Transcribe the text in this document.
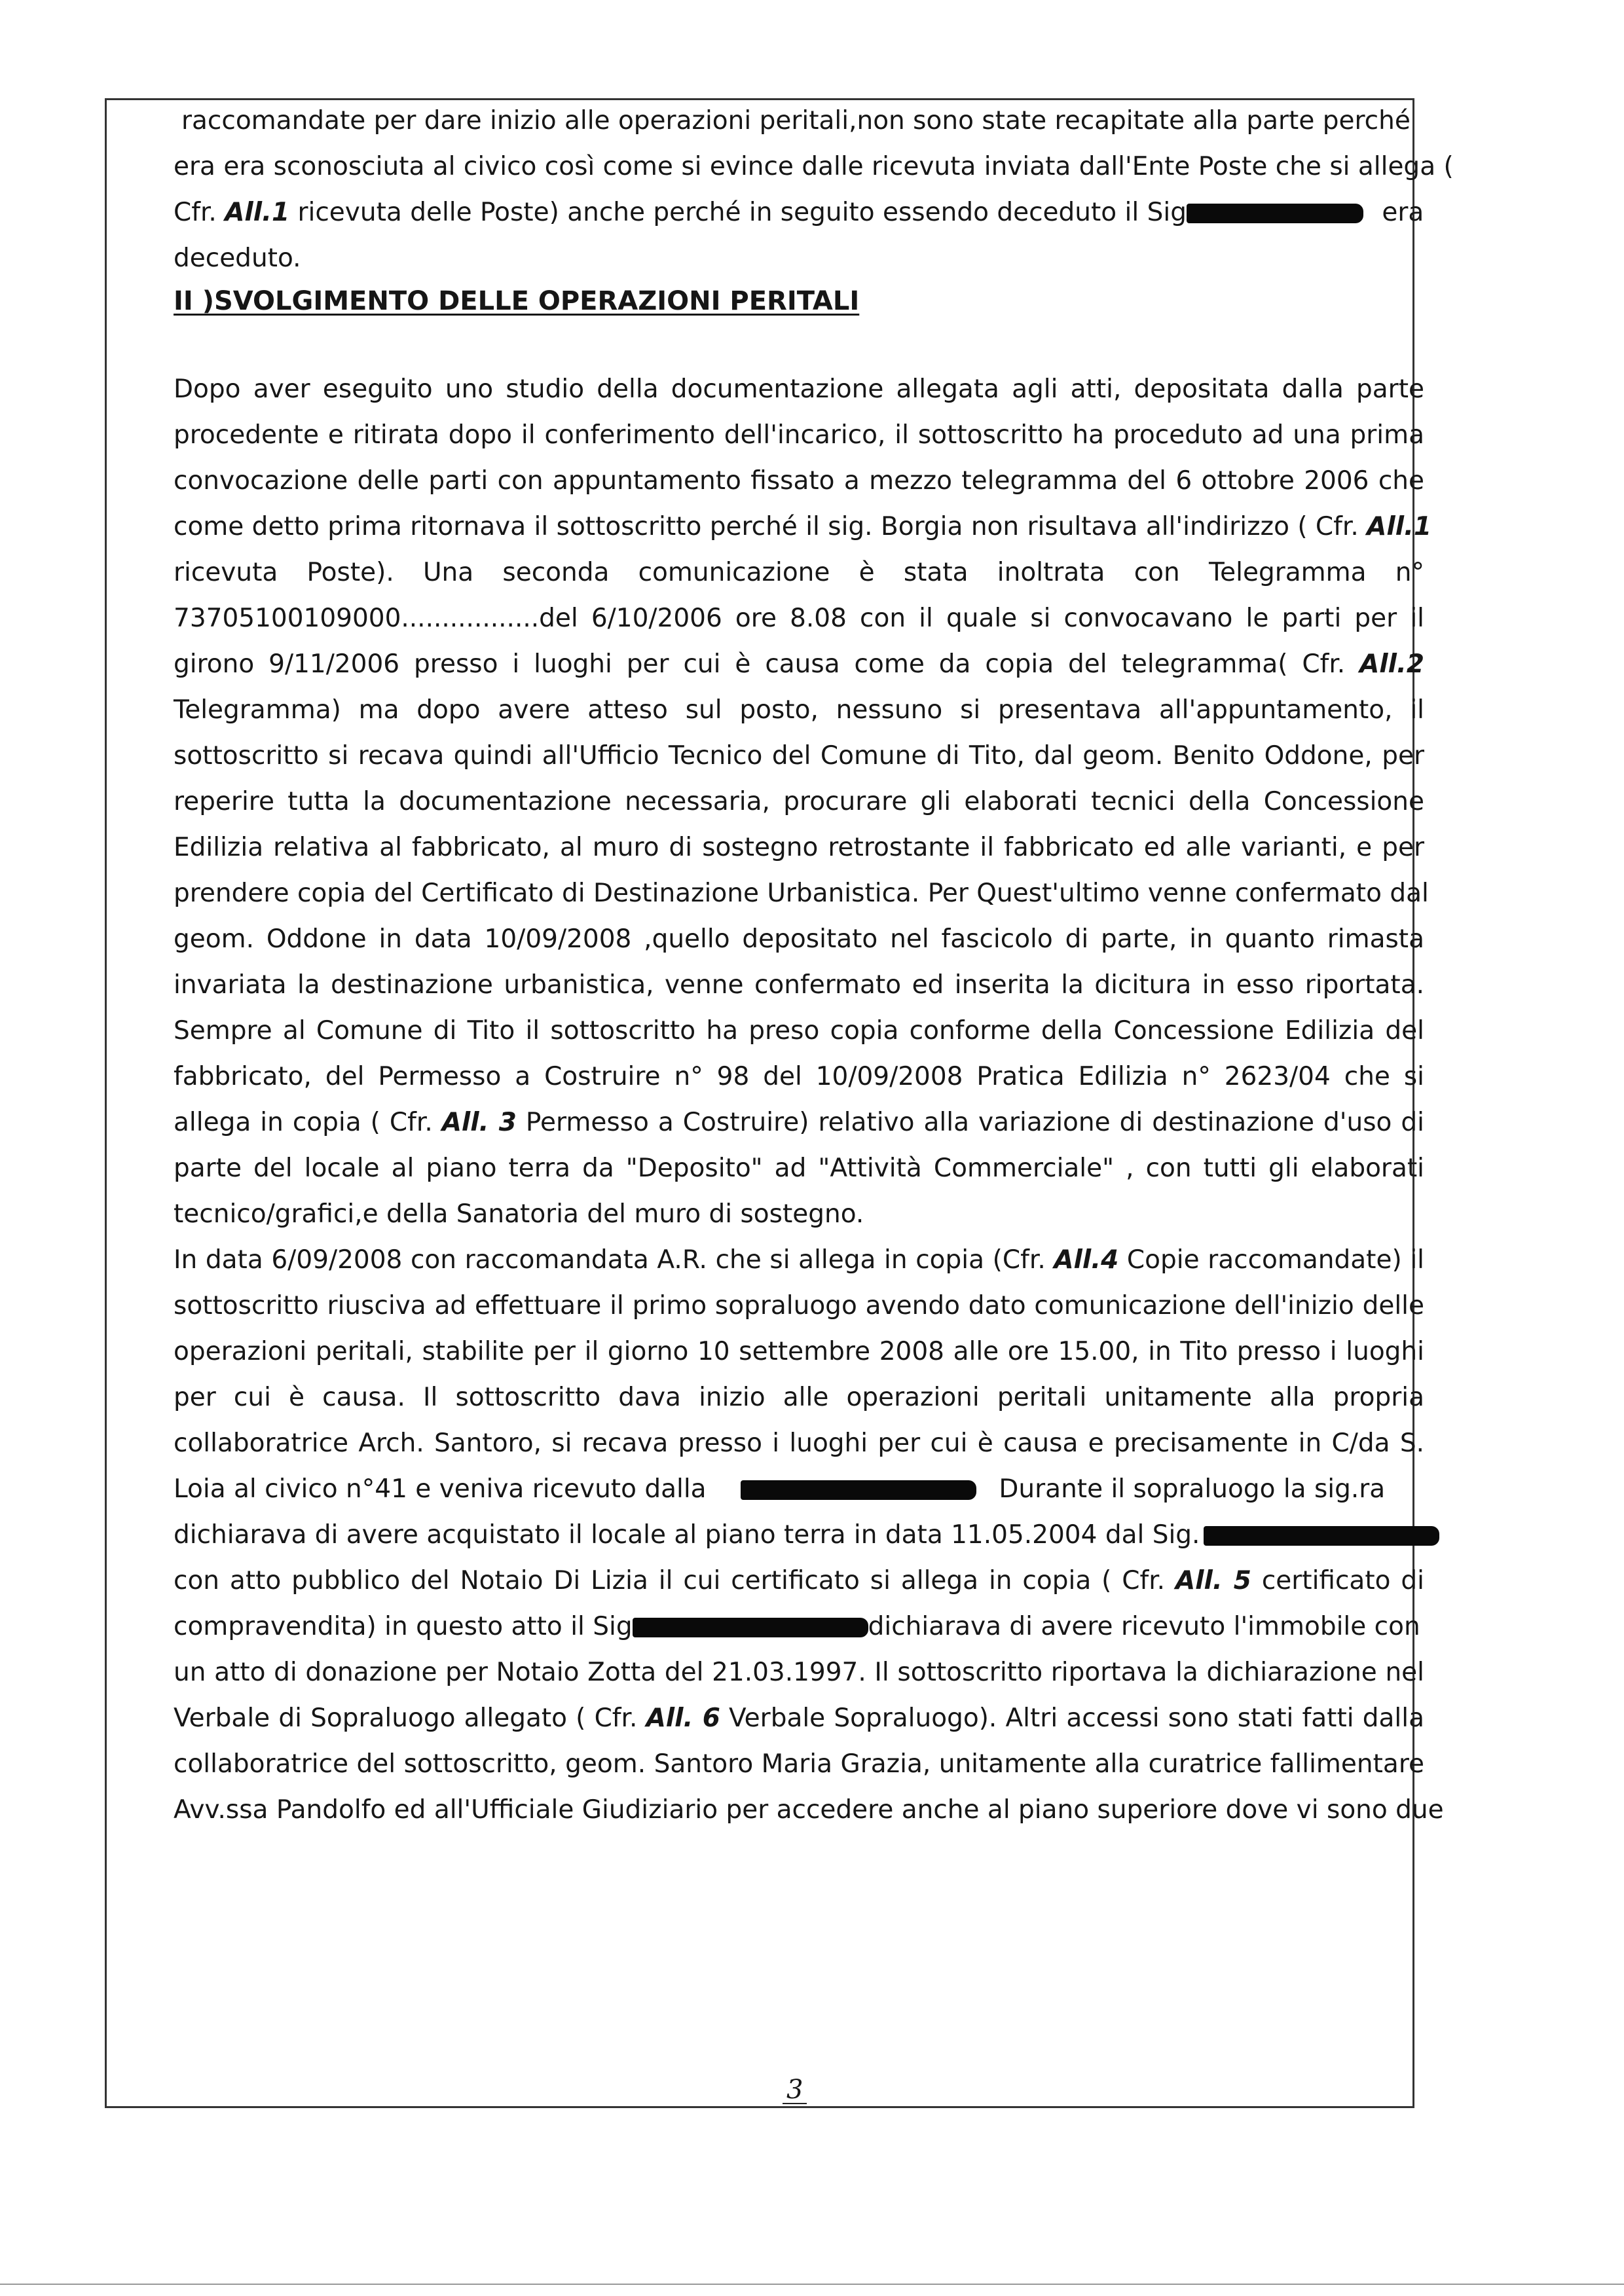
raccomandate per dare inizio alle operazioni peritali,non sono state recapitate alla parte perché
era era sconosciuta al civico così come si evince dalle ricevuta inviata dall'Ente Poste che si allega (
Cfr. All.1 ricevuta delle Poste) anche perché in seguito essendo deceduto il Sig	era
deceduto.
II )SVOLGIMENTO DELLE OPERAZIONI PERITALI
Dopo aver eseguito uno studio della documentazione allegata agli atti, depositata dalla parte
procedente e ritirata dopo il conferimento dell'incarico, il sottoscritto ha proceduto ad una prima
convocazione delle parti con appuntamento fissato a mezzo telegramma del 6 ottobre 2006 che
come detto prima ritornava il sottoscritto perché il sig. Borgia non risultava all'indirizzo ( Cfr. All.1
ricevuta Poste). Una seconda comunicazione è stata inoltrata con Telegramma n°
73705100109000.................del 6/10/2006 ore 8.08 con il quale si convocavano le parti per il
girono 9/11/2006 presso i luoghi per cui è causa come da copia del telegramma( Cfr. All.2
Telegramma) ma dopo avere atteso sul posto, nessuno si presentava all'appuntamento, il
sottoscritto si recava quindi all'Ufficio Tecnico del Comune di Tito, dal geom. Benito Oddone, per
reperire tutta la documentazione necessaria, procurare gli elaborati tecnici della Concessione
Edilizia relativa al fabbricato, al muro di sostegno retrostante il fabbricato ed alle varianti, e per
prendere copia del Certificato di Destinazione Urbanistica. Per Quest'ultimo venne confermato dal
geom. Oddone in data 10/09/2008 ,quello depositato nel fascicolo di parte, in quanto rimasta
invariata la destinazione urbanistica, venne confermato ed inserita la dicitura in esso riportata.
Sempre al Comune di Tito il sottoscritto ha preso copia conforme della Concessione Edilizia del
fabbricato, del Permesso a Costruire n° 98 del 10/09/2008 Pratica Edilizia n° 2623/04 che si
allega in copia ( Cfr. All. 3 Permesso a Costruire) relativo alla variazione di destinazione d'uso di
parte del locale al piano terra da "Deposito" ad "Attività Commerciale" , con tutti gli elaborati
tecnico/grafici,e della Sanatoria del muro di sostegno.
In data 6/09/2008 con raccomandata A.R. che si allega in copia (Cfr. All.4 Copie raccomandate) il
sottoscritto riusciva ad effettuare il primo sopraluogo avendo dato comunicazione dell'inizio delle
operazioni peritali, stabilite per il giorno 10 settembre 2008 alle ore 15.00, in Tito presso i luoghi
per cui è causa. Il sottoscritto dava inizio alle operazioni peritali unitamente alla propria
collaboratrice Arch. Santoro, si recava presso i luoghi per cui è causa e precisamente in C/da S.
Loia al civico n°41 e veniva ricevuto dalla	Durante il sopraluogo la sig.ra
dichiarava di avere acquistato il locale al piano terra in data 11.05.2004 dal Sig.
con atto pubblico del Notaio Di Lizia il cui certificato si allega in copia ( Cfr. All. 5 certificato di
compravendita) in questo atto il Sig	dichiarava di avere ricevuto l'immobile con
un atto di donazione per Notaio Zotta del 21.03.1997. Il sottoscritto riportava la dichiarazione nel
Verbale di Sopraluogo allegato ( Cfr. All. 6 Verbale Sopraluogo). Altri accessi sono stati fatti dalla
collaboratrice del sottoscritto, geom. Santoro Maria Grazia, unitamente alla curatrice fallimentare
Avv.ssa Pandolfo ed all'Ufficiale Giudiziario per accedere anche al piano superiore dove vi sono due
3
